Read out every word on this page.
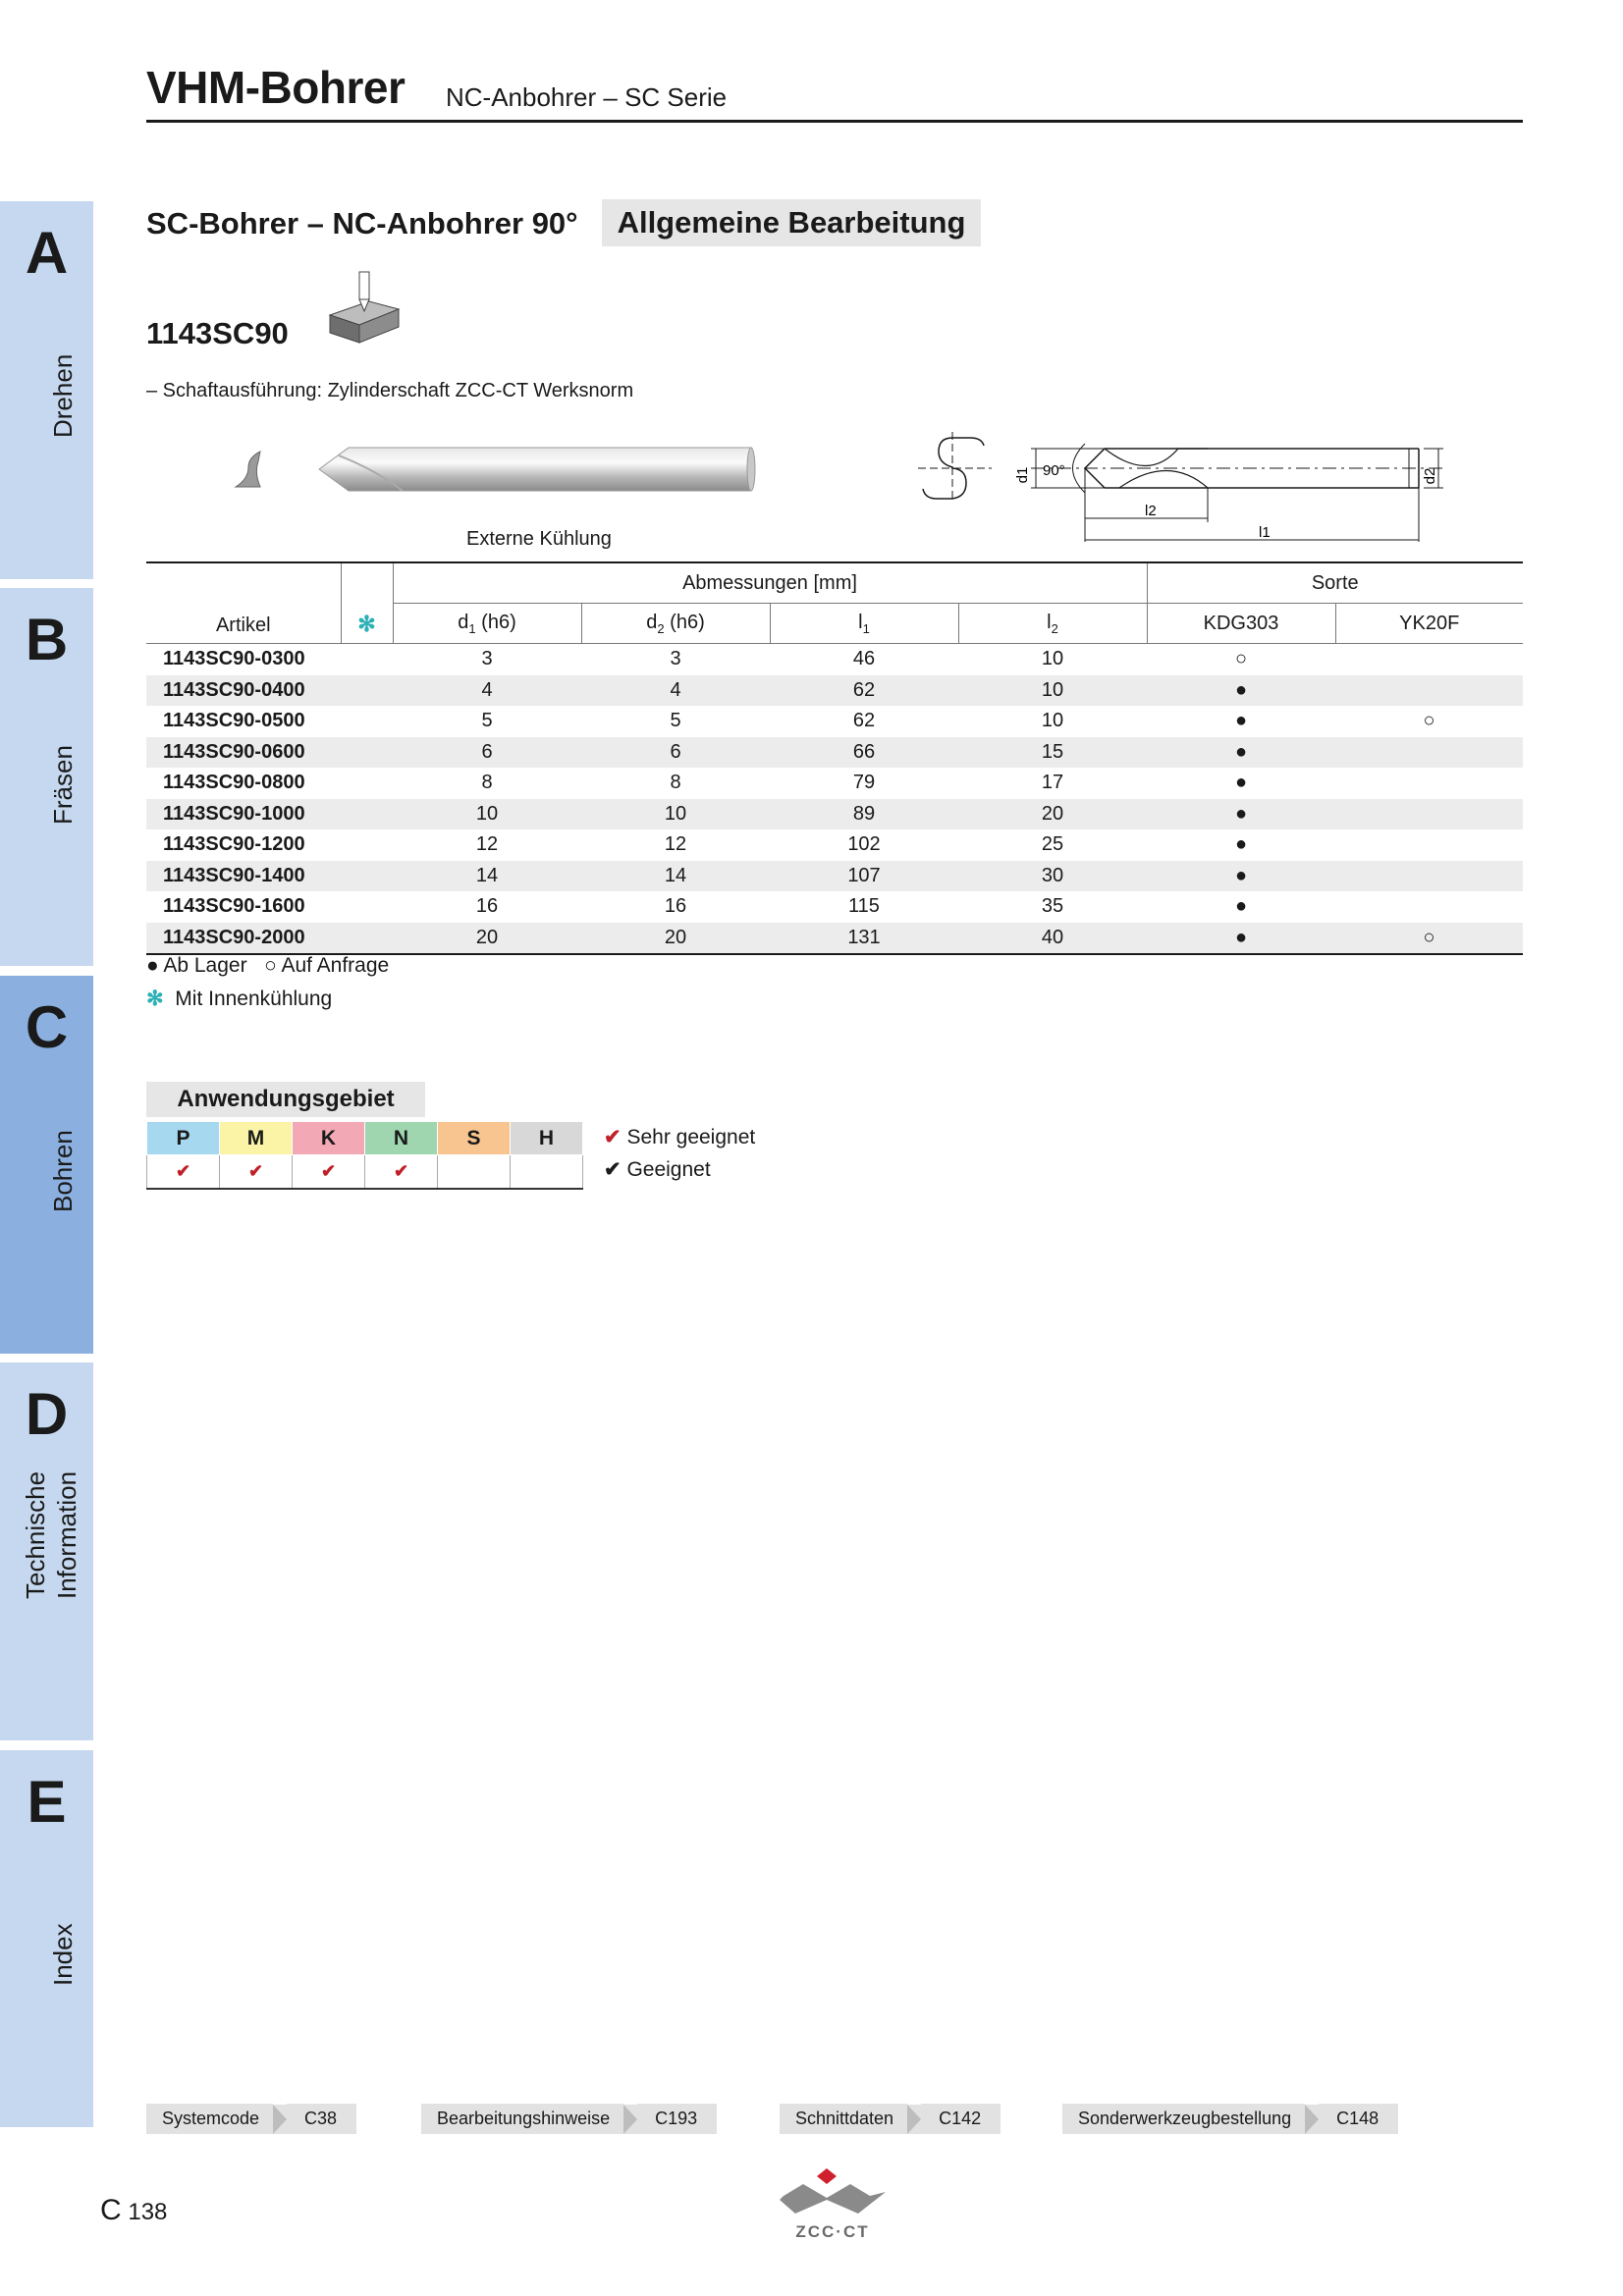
VHM-Bohrer NC-Anbohrer – SC Serie
A
Drehen
B
Fräsen
C
Bohren
D
Technische Information
E
Index
SC-Bohrer – NC-Anbohrer 90°	Allgemeine Bearbeitung
1143SC90
– Schaftausführung: Zylinderschaft ZCC-CT Werksnorm
Externe Kühlung
d1 90°	d2
l2
l1
Artikel	✻	Abmessungen [mm]				Sorte	
		$d_1$ (h6)	$d_2$ (h6)	$l_1$	$l_2$	KDG303	YK20F
1143SC90-0300		3	3	46	10	○	
1143SC90-0400		4	4	62	10	●	
1143SC90-0500		5	5	62	10	●	○
1143SC90-0600		6	6	66	15	●	
1143SC90-0800		8	8	79	17	●	
1143SC90-1000		10	10	89	20	●	
1143SC90-1200		12	12	102	25	●	
1143SC90-1400		14	14	107	30	●	
1143SC90-1600		16	16	115	35	●	
1143SC90-2000		20	20	131	40	●	○
● Ab Lager ○ Auf Anfrage
✻ Mit Innenkühlung
Anwendungsgebiet
P	M	K	N	S	H
✔	✔	✔	✔		
✔ Sehr geeignet
✔ Geeignet
Systemcode	C38	Bearbeitungshinweise	C193	Schnittdaten	C142	Sonderwerkzeugbestellung	C148
C 138
ZCC·CT
